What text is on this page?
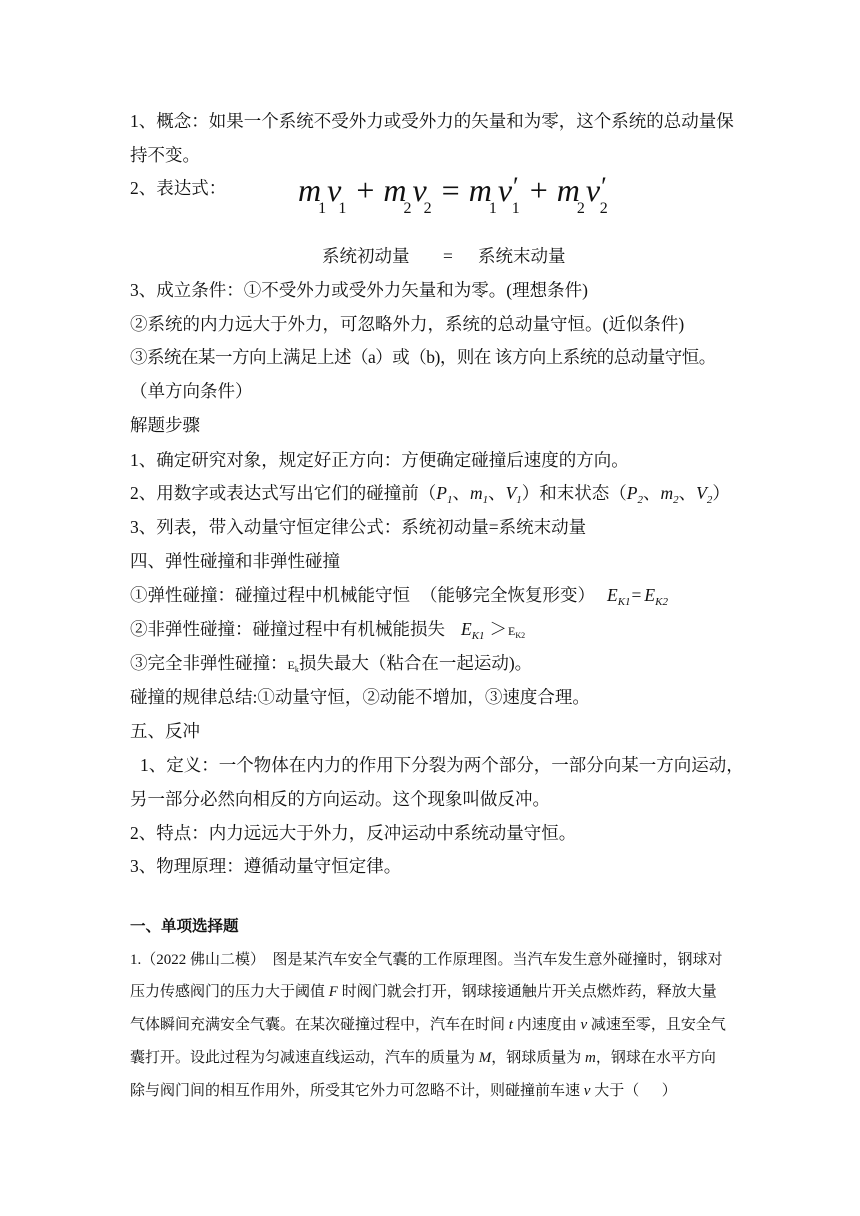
1、概念：如果一个系统不受外力或受外力的矢量和为零，这个系统的总动量保
持不变。
2、表达式： $m_1v_1+ m_2v_2= m_1v'_1+ m_2v'_2$
系统初动量 = 系统末动量
3、成立条件：①不受外力或受外力矢量和为零。(理想条件)
②系统的内力远大于外力，可忽略外力，系统的总动量守恒。(近似条件)
③系统在某一方向上满足上述（a）或（b)，则在 该方向上系统的总动量守恒。
（单方向条件）
解题步骤
1、确定研究对象，规定好正方向：方便确定碰撞后速度的方向。
2、用数字或表达式写出它们的碰撞前（$P_1$、$m_1$、$V_1$）和末状态（$P_2$、$m_2$、$V_2$）
3、列表，带入动量守恒定律公式：系统初动量=系统末动量
四、弹性碰撞和非弹性碰撞
①弹性碰撞：碰撞过程中机械能守恒 （能够完全恢复形变） $E_{K1}= E_{K2}$
②非弹性碰撞：碰撞过程中有机械能损失 $E_{K1} >EK2$
③完全非弹性碰撞：Ek损失最大（粘合在一起运动)。
碰撞的规律总结:①动量守恒，②动能不增加，③速度合理。
五、反冲
1、定义：一个物体在内力的作用下分裂为两个部分，一部分向某一方向运动，
另一部分必然向相反的方向运动。这个现象叫做反冲。
2、特点：内力远远大于外力，反冲运动中系统动量守恒。
3、物理原理：遵循动量守恒定律。
一、单项选择题
1.（2022 佛山二模）  图是某汽车安全气囊的工作原理图。当汽车发生意外碰撞时，钢球对
压力传感阀门的压力大于阈值 F 时阀门就会打开，钢球接通触片开关点燃炸药，释放大量
气体瞬间充满安全气囊。在某次碰撞过程中，汽车在时间 t 内速度由 v 减速至零，且安全气
囊打开。设此过程为匀减速直线运动，汽车的质量为 M，钢球质量为 m，钢球在水平方向
除与阀门间的相互作用外，所受其它外力可忽略不计，则碰撞前车速 v 大于（      ）
